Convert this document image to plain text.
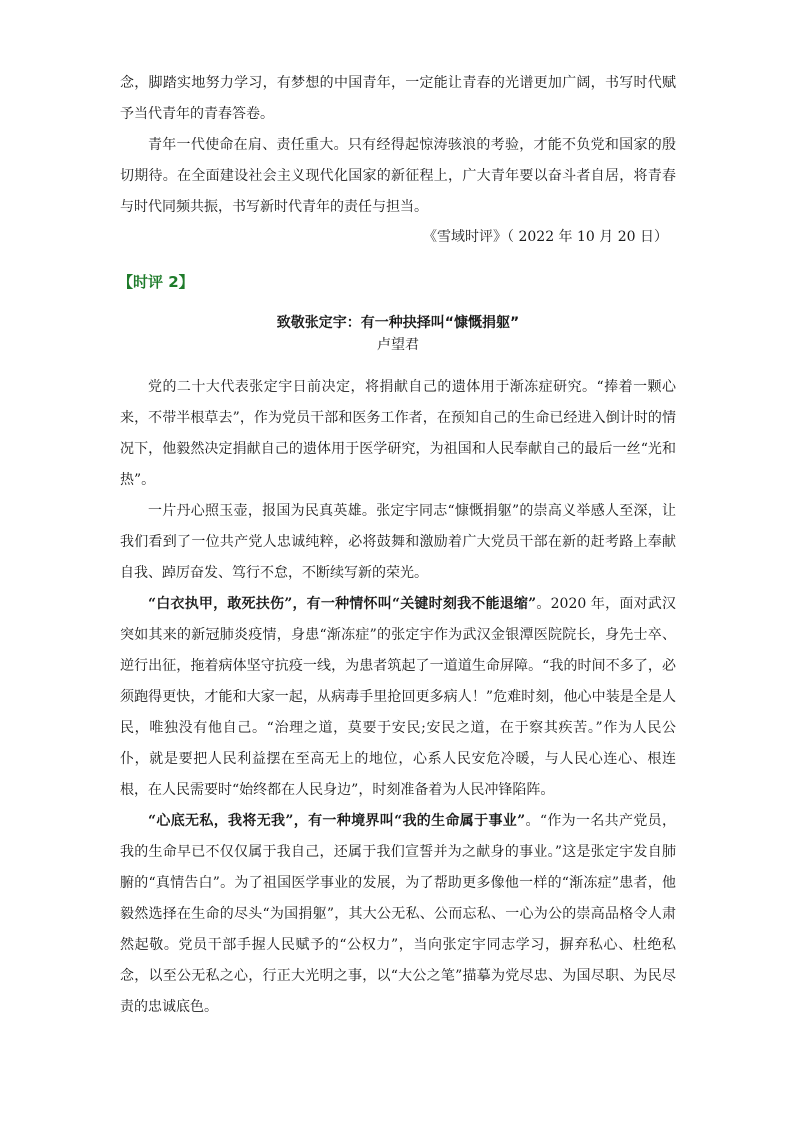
念，脚踏实地努力学习，有梦想的中国青年，一定能让青春的光谱更加广阔，书写时代赋予当代青年的青春答卷。

青年一代使命在肩、责任重大。只有经得起惊涛骇浪的考验，才能不负党和国家的殷切期待。在全面建设社会主义现代化国家的新征程上，广大青年要以奋斗者自居，将青春与时代同频共振，书写新时代青年的责任与担当。

《雪域时评》（ 2022 年 10 月 20 日）
【时评 2】
致敬张定宇：有一种抉择叫“慷慨捐躯”
卢望君

党的二十大代表张定宇日前决定，将捐献自己的遗体用于渐冻症研究。“捧着一颗心来，不带半根草去”，作为党员干部和医务工作者，在预知自己的生命已经进入倒计时的情况下，他毅然决定捐献自己的遗体用于医学研究，为祖国和人民奉献自己的最后一丝“光和热”。

一片丹心照玉壶，报国为民真英雄。张定宇同志“慷慨捐躯”的崇高义举感人至深，让我们看到了一位共产党人忠诚纯粹，必将鼓舞和激励着广大党员干部在新的赶考路上奉献自我、踔厉奋发、笃行不怠，不断续写新的荣光。

“白衣执甲，敢死扶伤”，有一种情怀叫“关键时刻我不能退缩”。2020 年，面对武汉突如其来的新冠肺炎疫情，身患“渐冻症”的张定宇作为武汉金银潭医院院长，身先士卒、逆行出征，拖着病体坚守抗疫一线，为患者筑起了一道道生命屏障。“我的时间不多了，必须跑得更快，才能和大家一起，从病毒手里抢回更多病人！”危难时刻，他心中装是全是人民，唯独没有他自己。“治理之道，莫要于安民;安民之道，在于察其疾苦。”作为人民公仆，就是要把人民利益摆在至高无上的地位，心系人民安危冷暖，与人民心连心、根连根，在人民需要时“始终都在人民身边”，时刻准备着为人民冲锋陷阵。

“心底无私，我将无我”，有一种境界叫“我的生命属于事业”。“作为一名共产党员，我的生命早已不仅仅属于我自己，还属于我们宣誓并为之献身的事业。”这是张定宇发自肺腑的“真情告白”。为了祖国医学事业的发展，为了帮助更多像他一样的“渐冻症”患者，他毅然选择在生命的尽头“为国捐躯”，其大公无私、公而忘私、一心为公的崇高品格令人肃然起敬。党员干部手握人民赋予的“公权力”，当向张定宇同志学习，摒弃私心、杜绝私念，以至公无私之心，行正大光明之事，以“大公之笔”描摹为党尽忠、为国尽职、为民尽责的忠诚底色。
